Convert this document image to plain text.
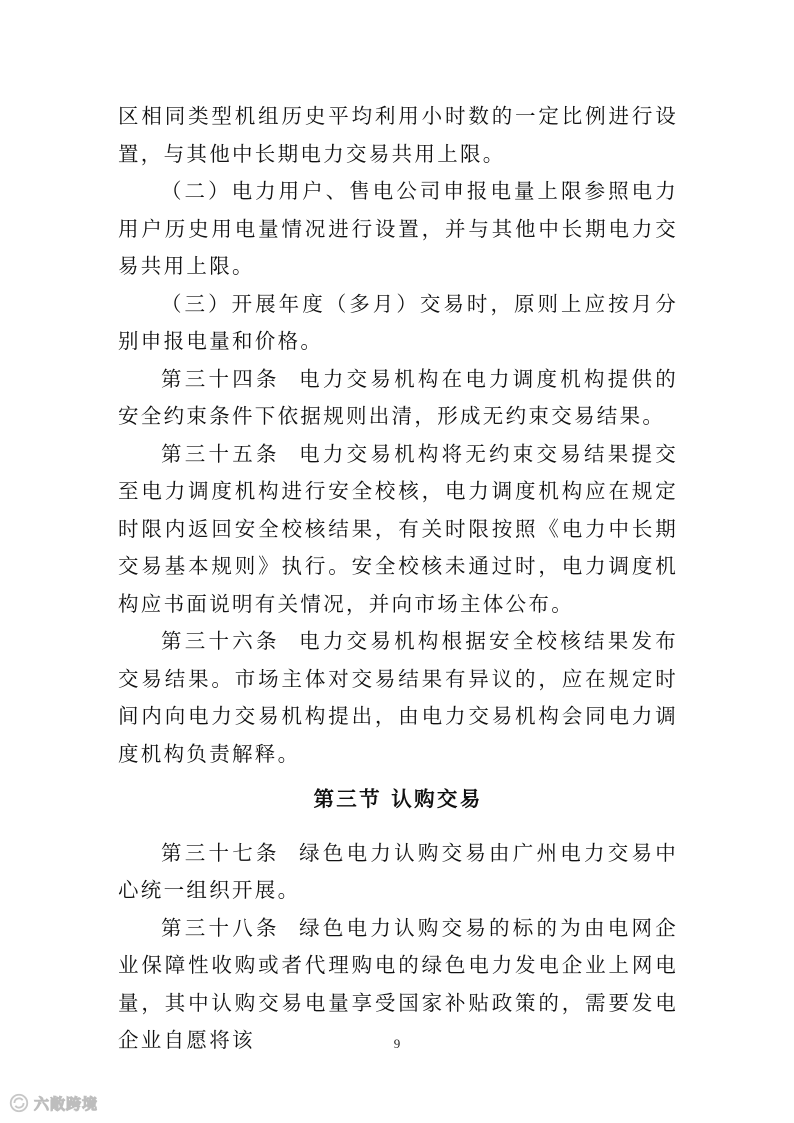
区相同类型机组历史平均利用小时数的一定比例进行设置，与其他中长期电力交易共用上限。

（二）电力用户、售电公司申报电量上限参照电力用户历史用电量情况进行设置，并与其他中长期电力交易共用上限。

（三）开展年度（多月）交易时，原则上应按月分别申报电量和价格。

第三十四条  电力交易机构在电力调度机构提供的安全约束条件下依据规则出清，形成无约束交易结果。

第三十五条  电力交易机构将无约束交易结果提交至电力调度机构进行安全校核，电力调度机构应在规定时限内返回安全校核结果，有关时限按照《电力中长期交易基本规则》执行。安全校核未通过时，电力调度机构应书面说明有关情况，并向市场主体公布。

第三十六条  电力交易机构根据安全校核结果发布交易结果。市场主体对交易结果有异议的，应在规定时间内向电力交易机构提出，由电力交易机构会同电力调度机构负责解释。

第三节 认购交易

第三十七条  绿色电力认购交易由广州电力交易中心统一组织开展。

第三十八条  绿色电力认购交易的标的为由电网企业保障性收购或者代理购电的绿色电力发电企业上网电量，其中认购交易电量享受国家补贴政策的，需要发电企业自愿将该	9
六敞跨境
